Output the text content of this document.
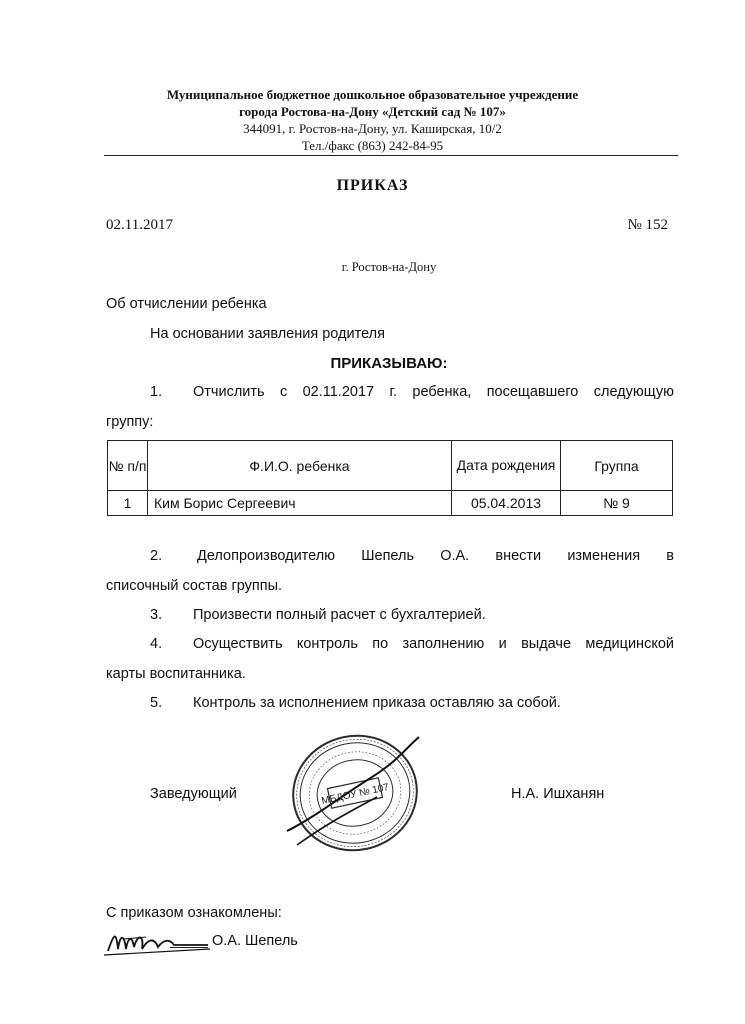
Муниципальное бюджетное дошкольное образовательное учреждение
города Ростова-на-Дону «Детский сад № 107»
344091, г. Ростов-на-Дону, ул. Каширская, 10/2
Тел./факс (863) 242-84-95
ПРИКАЗ
02.11.2017	№ 152
г. Ростов-на-Дону
Об отчислении ребенка
На основании заявления родителя
ПРИКАЗЫВАЮ:
1. Отчислить с 02.11.2017 г. ребенка, посещавшего следующую
группу:
№ п/п	Ф.И.О. ребенка	Дата рождения	Группа
1	Ким Борис Сергеевич	05.04.2013	№ 9
2. Делопроизводителю Шепель О.А. внести изменения в
списочный состав группы.
3. Произвести полный расчет с бухгалтерией.
4. Осуществить контроль по заполнению и выдаче медицинской
карты воспитанника.
5. Контроль за исполнением приказа оставляю за собой.
Заведующий	Н.А. Ишханян
МБДОУ № 107
С приказом ознакомлены:
О.А. Шепель
